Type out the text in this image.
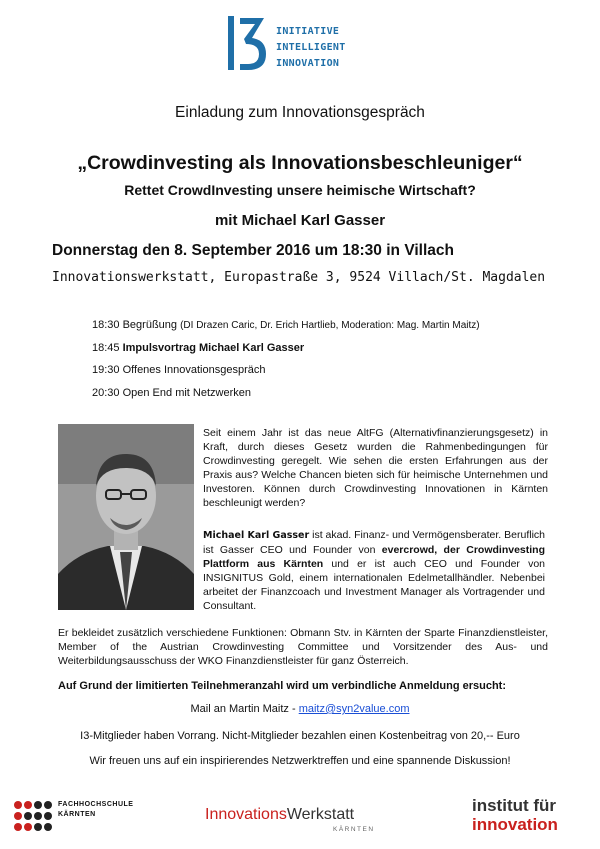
INITIATIVE
INTELLIGENT
INNOVATION
Einladung zum Innovationsgespräch
„Crowdinvesting als Innovationsbeschleuniger“
Rettet CrowdInvesting unsere heimische Wirtschaft?
mit Michael Karl Gasser
Donnerstag den 8. September 2016 um 18:30 in Villach
Innovationswerkstatt, Europastraße 3, 9524 Villach/St. Magdalen
18:30 Begrüßung (DI Drazen Caric, Dr. Erich Hartlieb, Moderation: Mag. Martin Maitz)
18:45 Impulsvortrag Michael Karl Gasser
19:30 Offenes Innovationsgespräch
20:30 Open End mit Netzwerken
Seit einem Jahr ist das neue AltFG (Alternativfinanzierungsgesetz) in Kraft, durch dieses Gesetz wurden die Rahmenbedingungen für Crowdinvesting geregelt. Wie sehen die ersten Erfahrungen aus der Praxis aus? Welche Chancen bieten sich für heimische Unternehmen und Investoren. Können durch Crowdinvesting Innovationen in Kärnten beschleunigt werden?
Michael Karl Gasser ist akad. Finanz- und Vermögensberater. Beruflich ist Gasser CEO und Founder von evercrowd, der Crowdinvesting Plattform aus Kärnten und er ist auch CEO und Founder von INSIGNITUS Gold, einem internationalen Edelmetallhändler. Nebenbei arbeitet der Finanzcoach und Investment Manager als Vortragender und Consultant.
Er bekleidet zusätzlich verschiedene Funktionen: Obmann Stv. in Kärnten der Sparte Finanzdienstleister, Member of the Austrian Crowdinvesting Committee und Vorsitzender des Aus- und Weiterbildungsausschuss der WKO Finanzdienstleister für ganz Österreich.
Auf Grund der limitierten Teilnehmeranzahl wird um verbindliche Anmeldung ersucht:
Mail an Martin Maitz - maitz@syn2value.com
I3-Mitglieder haben Vorrang. Nicht-Mitglieder bezahlen einen Kostenbeitrag von 20,-- Euro
Wir freuen uns auf ein inspirierendes Netzwerktreffen und eine spannende Diskussion!
FACHHOCHSCHULE
KÄRNTEN	InnovationsWerkstatt
KÄRNTEN
institut für
innovation
